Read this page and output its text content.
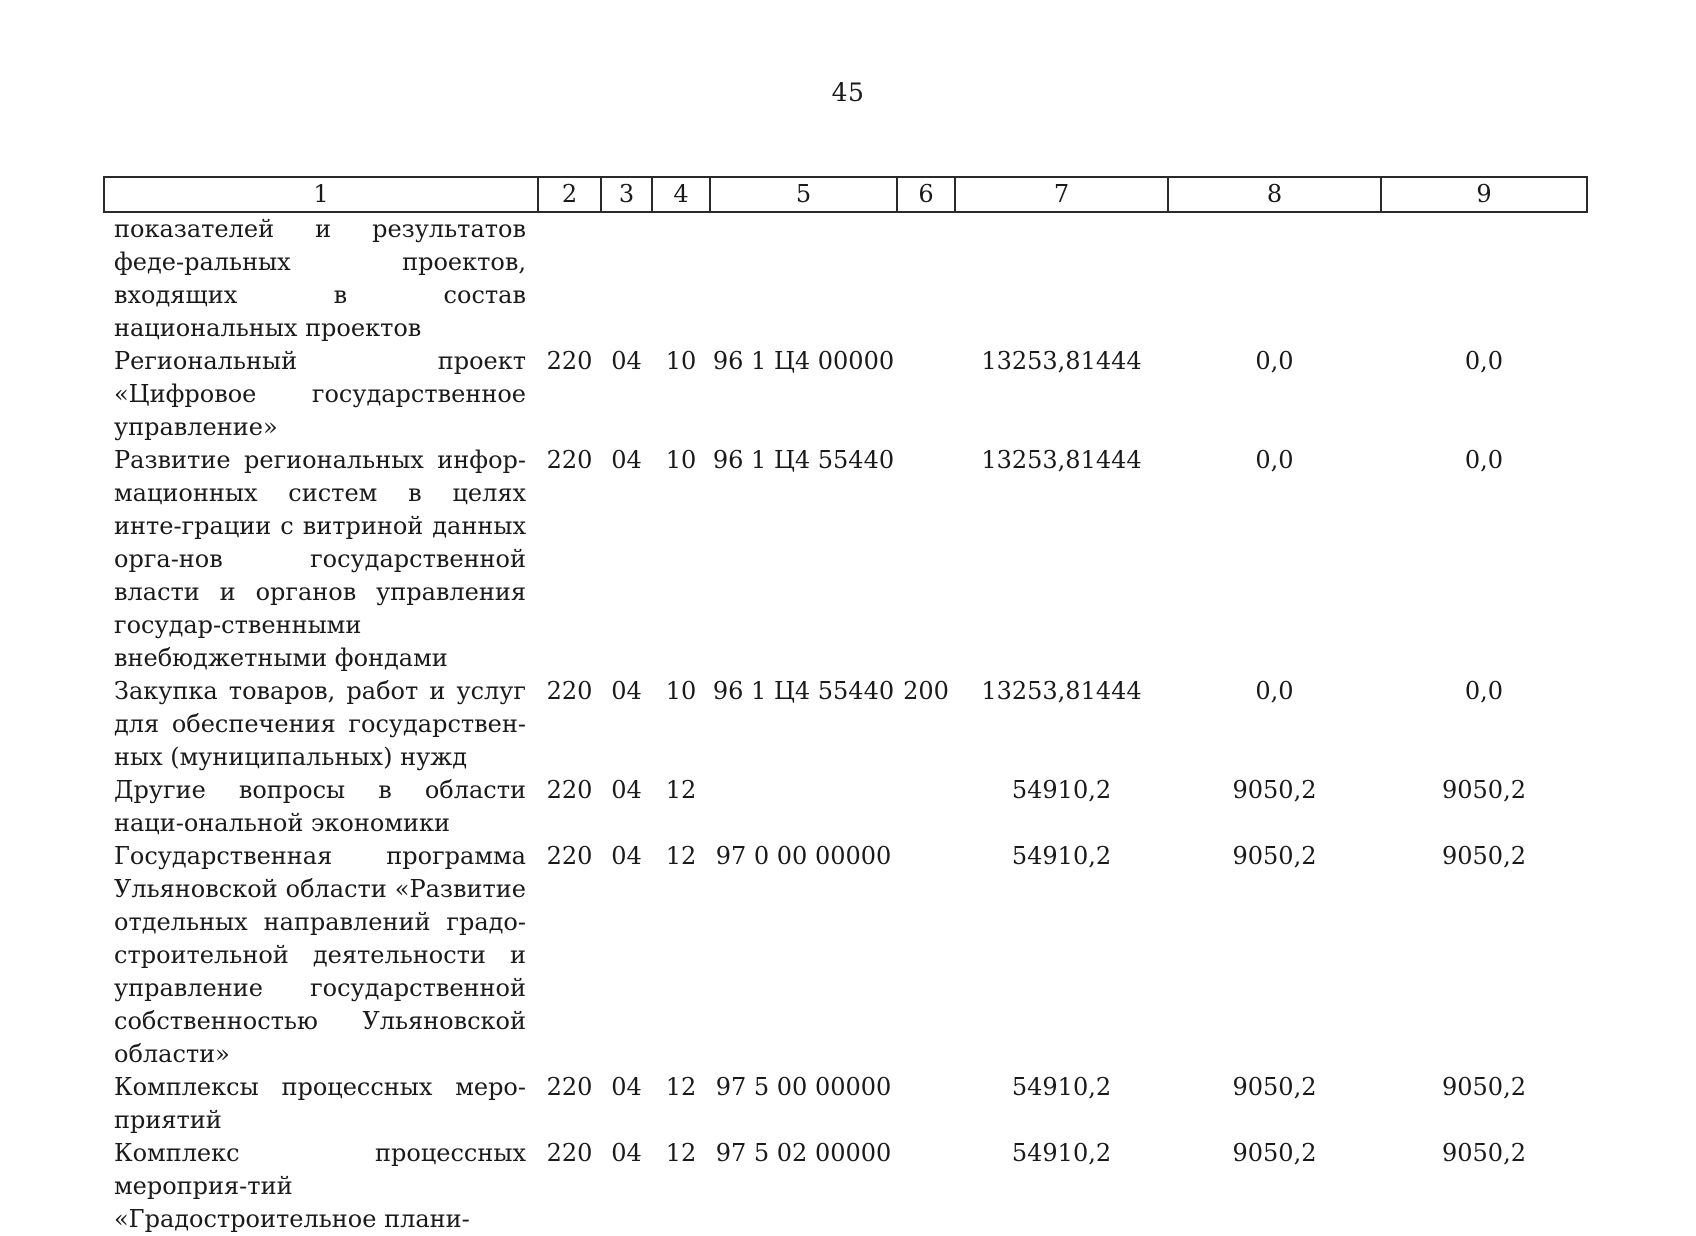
45
1	2	3	4	5	6	7	8	9
показателей и результатов феде-ральных проектов, входящих в состав национальных проектов								
Региональный проект «Цифровое государственное управление»	220	04	10	96 1 Ц4 00000		13253,81444	0,0	0,0
Развитие региональных инфор-мационных систем в целях инте-грации с витриной данных орга-нов государственной власти и органов управления государ-ственными внебюджетными фондами	220	04	10	96 1 Ц4 55440		13253,81444	0,0	0,0
Закупка товаров, работ и услуг для обеспечения государствен-ных (муниципальных) нужд	220	04	10	96 1 Ц4 55440	200	13253,81444	0,0	0,0
Другие вопросы в области наци-ональной экономики	220	04	12			54910,2	9050,2	9050,2
Государственная программа Ульяновской области «Развитие отдельных направлений градо-строительной деятельности и управление государственной собственностью Ульяновской области»	220	04	12	97 0 00 00000		54910,2	9050,2	9050,2
Комплексы процессных меро-приятий	220	04	12	97 5 00 00000		54910,2	9050,2	9050,2
Комплекс процессных мероприя-тий «Градостроительное плани-	220	04	12	97 5 02 00000		54910,2	9050,2	9050,2
